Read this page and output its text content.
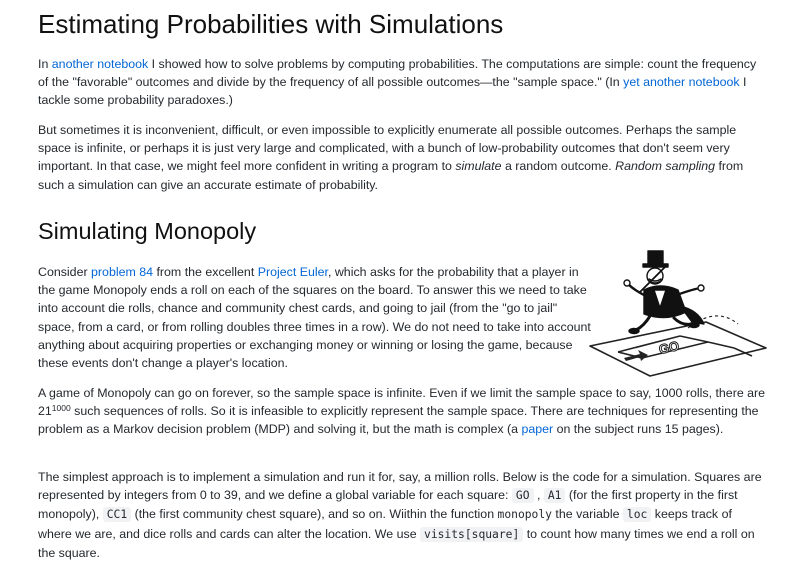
Estimating Probabilities with Simulations

In another notebook I showed how to solve problems by computing probabilities. The computations are simple: count the frequency of the "favorable" outcomes and divide by the frequency of all possible outcomes—the "sample space." (In yet another notebook I tackle some probability paradoxes.)

But sometimes it is inconvenient, difficult, or even impossible to explicitly enumerate all possible outcomes. Perhaps the sample space is infinite, or perhaps it is just very large and complicated, with a bunch of low-probability outcomes that don't seem very important. In that case, we might feel more confident in writing a program to simulate a random outcome. Random sampling from such a simulation can give an accurate estimate of probability.

Simulating Monopoly

Consider problem 84 from the excellent Project Euler, which asks for the probability that a player in the game Monopoly ends a roll on each of the squares on the board. To answer this we need to take into account die rolls, chance and community chest cards, and going to jail (from the "go to jail" space, from a card, or from rolling doubles three times in a row). We do not need to take into account anything about acquiring properties or exchanging money or winning or losing the game, because these events don't change a player's location.

GO

A game of Monopoly can go on forever, so the sample space is infinite. Even if we limit the sample space to say, 1000 rolls, there are $21^{1000}$ such sequences of rolls. So it is infeasible to explicitly represent the sample space. There are techniques for representing the problem as a Markov decision problem (MDP) and solving it, but the math is complex (a paper on the subject runs 15 pages).

The simplest approach is to implement a simulation and run it for, say, a million rolls. Below is the code for a simulation. Squares are represented by integers from 0 to 39, and we define a global variable for each square: GO , A1 (for the first property in the first monopoly), CC1 (the first community chest square), and so on. Wiithin the function monopoly the variable loc keeps track of where we are, and dice rolls and cards can alter the location. We use visits[square] to count how many times we end a roll on the square.
